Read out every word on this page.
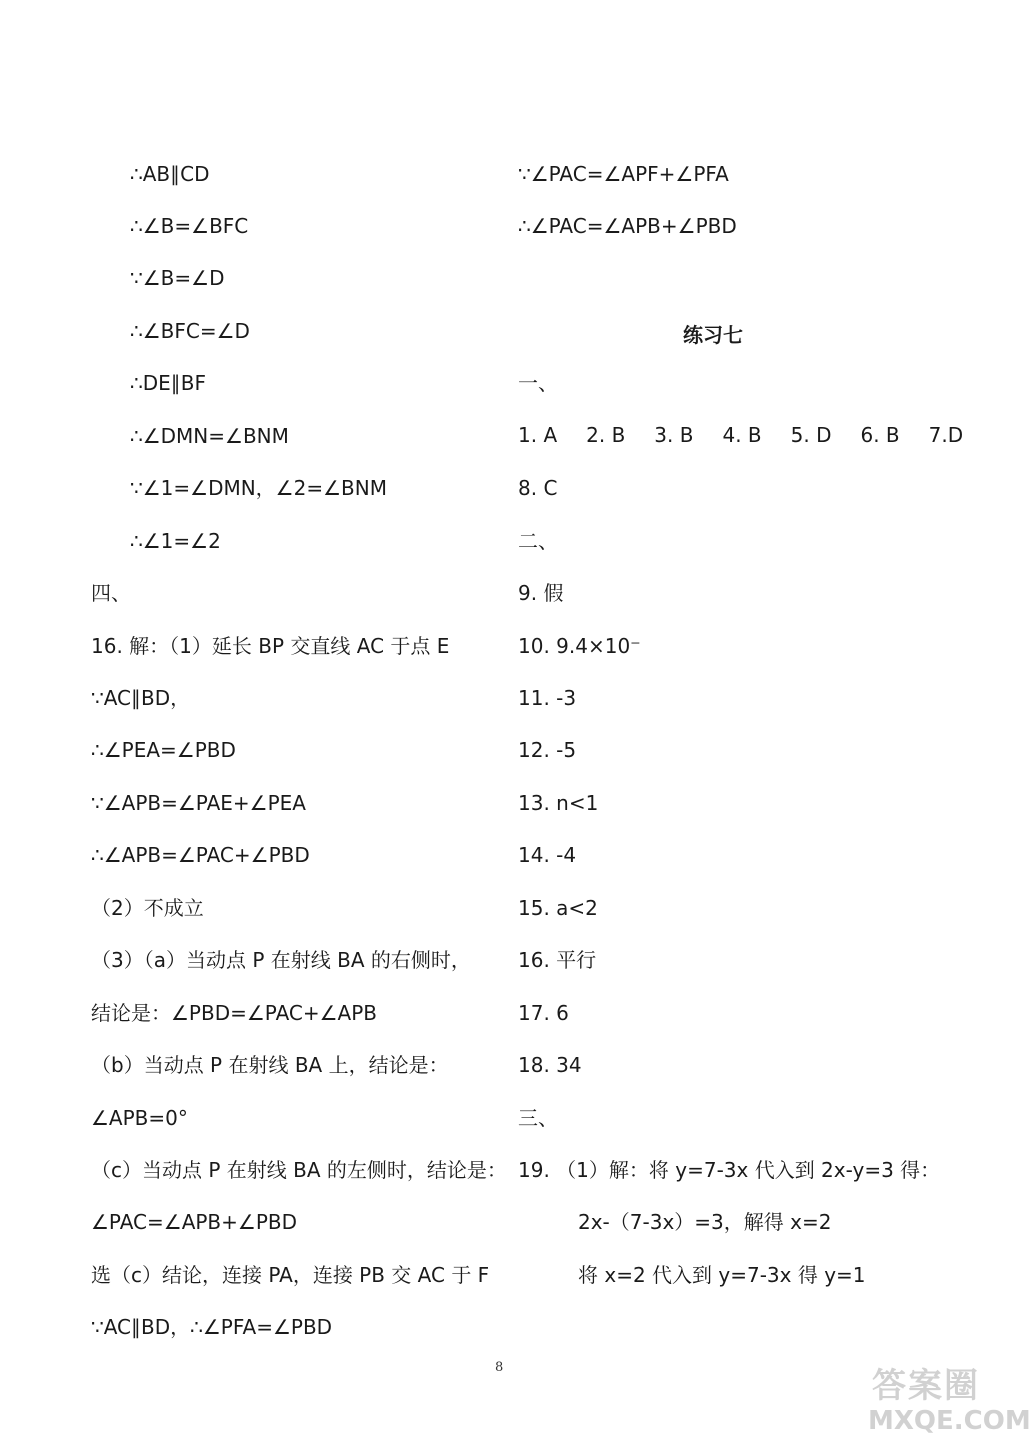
∴AB∥CD
∴∠B=∠BFC
∵∠B=∠D
∴∠BFC=∠D
∴DE∥BF
∴∠DMN=∠BNM
∵∠1=∠DMN，∠2=∠BNM
∴∠1=∠2
四、
16. 解：（1）延长 BP 交直线 AC 于点 E
∵AC∥BD，
∴∠PEA=∠PBD
∵∠APB=∠PAE+∠PEA
∴∠APB=∠PAC+∠PBD
（2）不成立
（3）（a）当动点 P 在射线 BA 的右侧时，
结论是：∠PBD=∠PAC+∠APB
（b）当动点 P 在射线 BA 上，结论是：
∠APB=0°
（c）当动点 P 在射线 BA 的左侧时，结论是：
∠PAC=∠APB+∠PBD
选（c）结论，连接 PA，连接 PB 交 AC 于 F
∵AC∥BD，∴∠PFA=∠PBD
∵∠PAC=∠APF+∠PFA
∴∠PAC=∠APB+∠PBD
练习七
一、
1. A 2. B 3. B 4. B 5. D 6. B 7.D
8. C
二、
9. 假
10. 9.4×10⁻
11. -3
12. -5
13. n<1
14. -4
15. a<2
16. 平行
17. 6
18. 34
三、
19. （1）解：将 y=7-3x 代入到 2x-y=3 得：
2x-（7-3x）=3，解得 x=2
将 x=2 代入到 y=7-3x 得 y=1
8	答案圈
MXQE.COM
